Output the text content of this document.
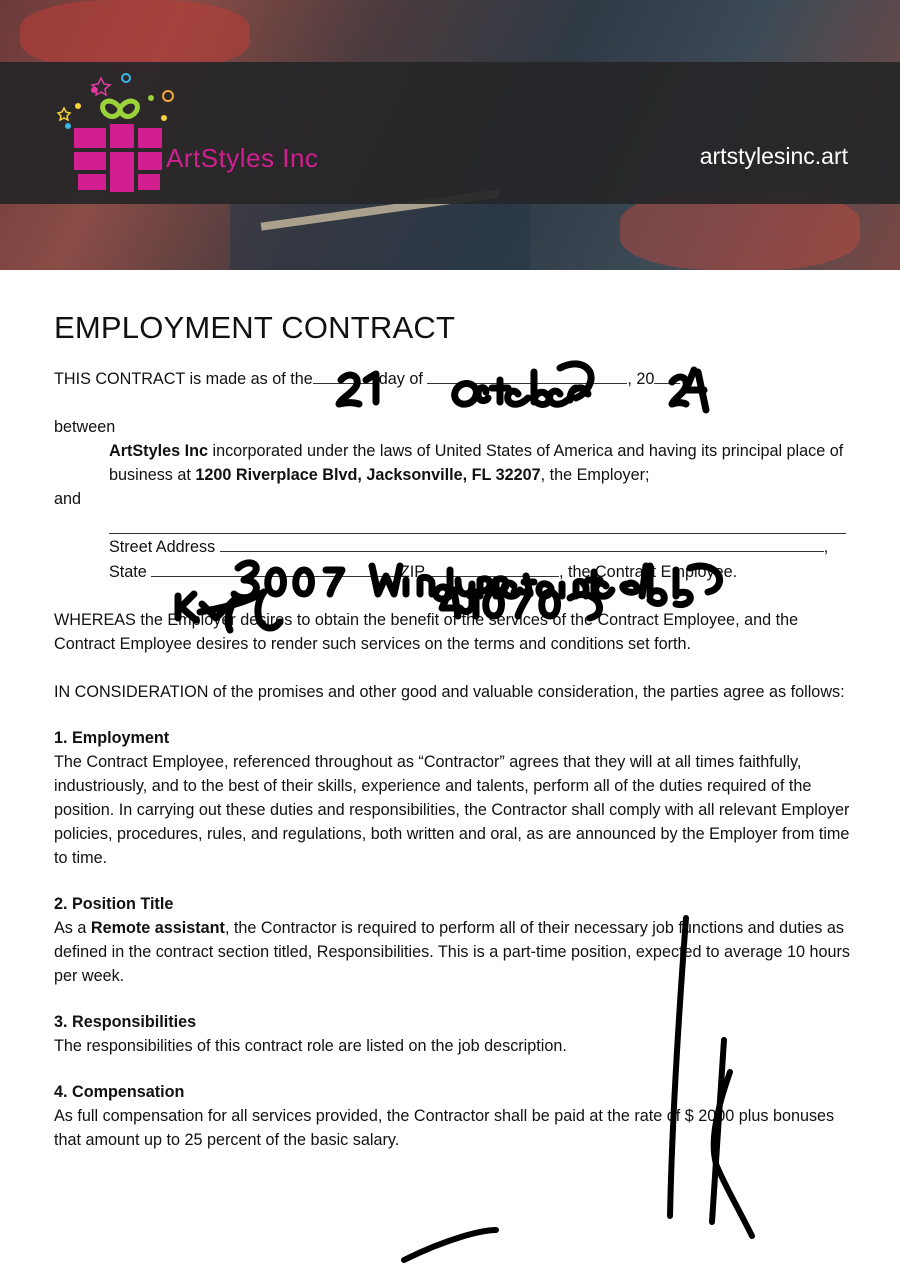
ArtStyles Inc	artstylesinc.art
EMPLOYMENT CONTRACT

THIS CONTRACT is made as of the	day of	, 20

between

ArtStyles Inc incorporated under the laws of United States of America and having its principal place of business at 1200 Riverplace Blvd, Jacksonville, FL 32207, the Employer;

and

Street Address	,

State	ZIP	, the Contract Employee.

WHEREAS the Employer desires to obtain the benefit of the services of the Contract Employee, and the Contract Employee desires to render such services on the terms and conditions set forth.

IN CONSIDERATION of the promises and other good and valuable consideration, the parties agree as follows:

1. Employment

The Contract Employee, referenced throughout as “Contractor” agrees that they will at all times faithfully, industriously, and to the best of their skills, experience and talents, perform all of the duties required of the position. In carrying out these duties and responsibilities, the Contractor shall comply with all relevant Employer policies, procedures, rules, and regulations, both written and oral, as are announced by the Employer from time to time.

2. Position Title

As a Remote assistant, the Contractor is required to perform all of their necessary job functions and duties as defined in the contract section titled, Responsibilities. This is a part-time position, expected to average 10 hours per week.

3. Responsibilities

The responsibilities of this contract role are listed on the job description.

4. Compensation

As full compensation for all services provided, the Contractor shall be paid at the rate of $ 2000 plus bonuses that amount up to 25 percent of the basic salary.
